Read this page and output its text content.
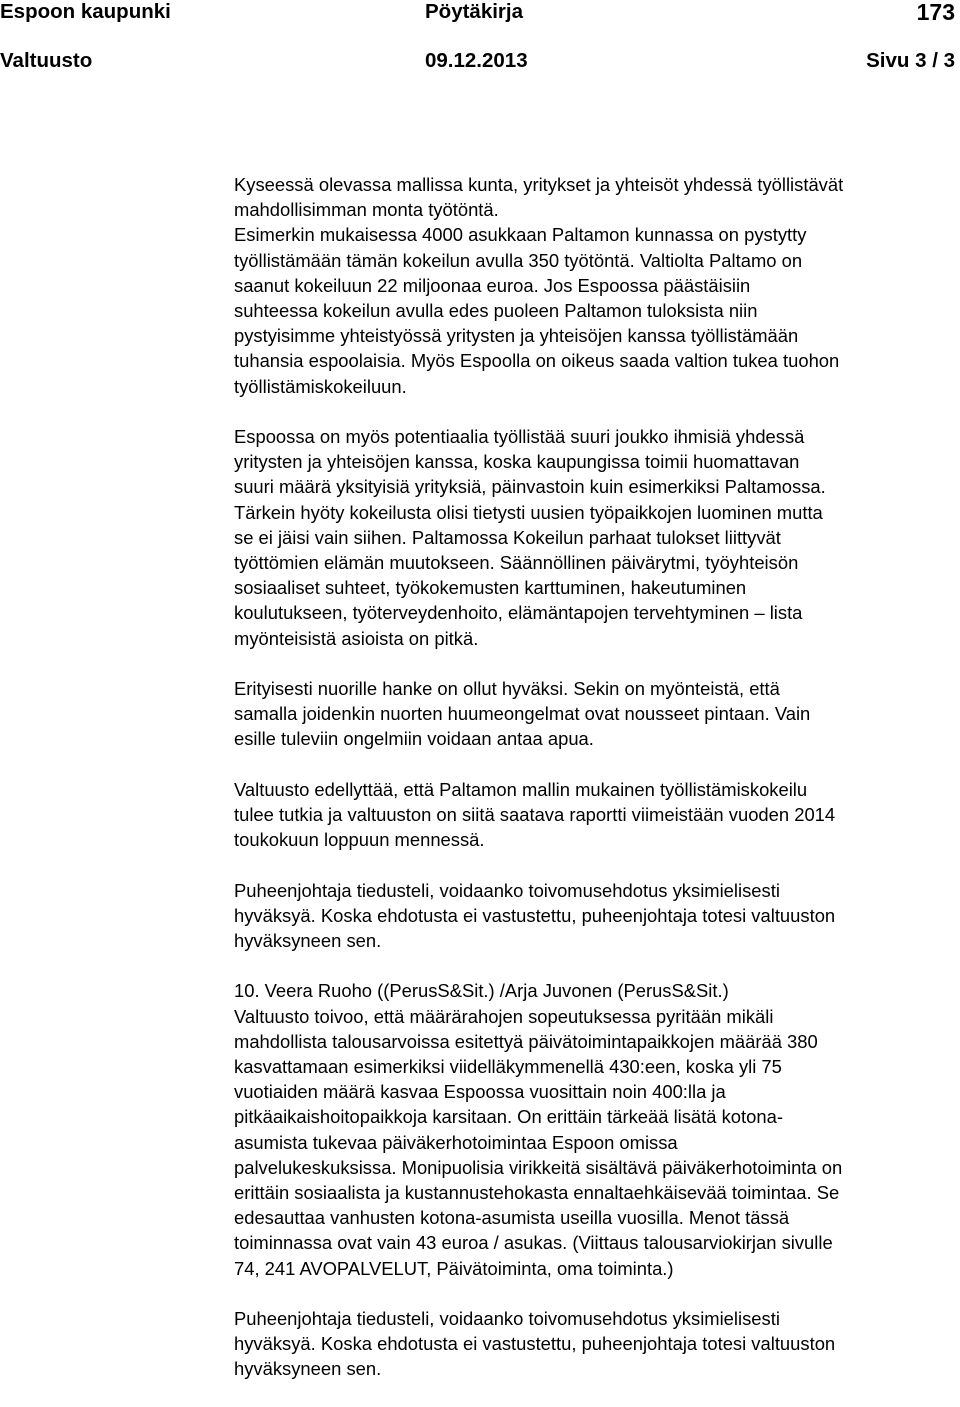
Espoon kaupunki	Pöytäkirja	173
Valtuusto	09.12.2013	Sivu 3 / 3
Kyseessä olevassa mallissa kunta, yritykset ja yhteisöt yhdessä työllistävät
mahdollisimman monta työtöntä.
Esimerkin mukaisessa 4000 asukkaan Paltamon kunnassa on pystytty
työllistämään tämän kokeilun avulla 350 työtöntä. Valtiolta Paltamo on
saanut kokeiluun 22 miljoonaa euroa. Jos Espoossa päästäisiin
suhteessa kokeilun avulla edes puoleen Paltamon tuloksista niin
pystyisimme yhteistyössä yritysten ja yhteisöjen kanssa työllistämään
tuhansia espoolaisia. Myös Espoolla on oikeus saada valtion tukea tuohon
työllistämiskokeiluun.
Espoossa on myös potentiaalia työllistää suuri joukko ihmisiä yhdessä
yritysten ja yhteisöjen kanssa, koska kaupungissa toimii huomattavan
suuri määrä yksityisiä yrityksiä, päinvastoin kuin esimerkiksi Paltamossa.
Tärkein hyöty kokeilusta olisi tietysti uusien työpaikkojen luominen mutta
se ei jäisi vain siihen. Paltamossa Kokeilun parhaat tulokset liittyvät
työttömien elämän muutokseen. Säännöllinen päivärytmi, työyhteisön
sosiaaliset suhteet, työkokemusten karttuminen, hakeutuminen
koulutukseen, työterveydenhoito, elämäntapojen tervehtyminen – lista
myönteisistä asioista on pitkä.
Erityisesti nuorille hanke on ollut hyväksi. Sekin on myönteistä, että
samalla joidenkin nuorten huumeongelmat ovat nousseet pintaan. Vain
esille tuleviin ongelmiin voidaan antaa apua.
Valtuusto edellyttää, että Paltamon mallin mukainen työllistämiskokeilu
tulee tutkia ja valtuuston on siitä saatava raportti viimeistään vuoden 2014
toukokuun loppuun mennessä.
Puheenjohtaja tiedusteli, voidaanko toivomusehdotus yksimielisesti
hyväksyä. Koska ehdotusta ei vastustettu, puheenjohtaja totesi valtuuston
hyväksyneen sen.
10. Veera Ruoho ((PerusS&Sit.) /Arja Juvonen (PerusS&Sit.)
Valtuusto toivoo, että määrärahojen sopeutuksessa pyritään mikäli
mahdollista talousarvoissa esitettyä päivätoimintapaikkojen määrää 380
kasvattamaan esimerkiksi viidelläkymmenellä 430:een, koska yli 75
vuotiaiden määrä kasvaa Espoossa vuosittain noin 400:lla ja
pitkäaikaishoitopaikkoja karsitaan. On erittäin tärkeää lisätä kotona-
asumista tukevaa päiväkerhotoimintaa Espoon omissa
palvelukeskuksissa. Monipuolisia virikkeitä sisältävä päiväkerhotoiminta on
erittäin sosiaalista ja kustannustehokasta ennaltaehkäisevää toimintaa. Se
edesauttaa vanhusten kotona-asumista useilla vuosilla. Menot tässä
toiminnassa ovat vain 43 euroa / asukas. (Viittaus talousarviokirjan sivulle
74, 241 AVOPALVELUT, Päivätoiminta, oma toiminta.)
Puheenjohtaja tiedusteli, voidaanko toivomusehdotus yksimielisesti
hyväksyä. Koska ehdotusta ei vastustettu, puheenjohtaja totesi valtuuston
hyväksyneen sen.
